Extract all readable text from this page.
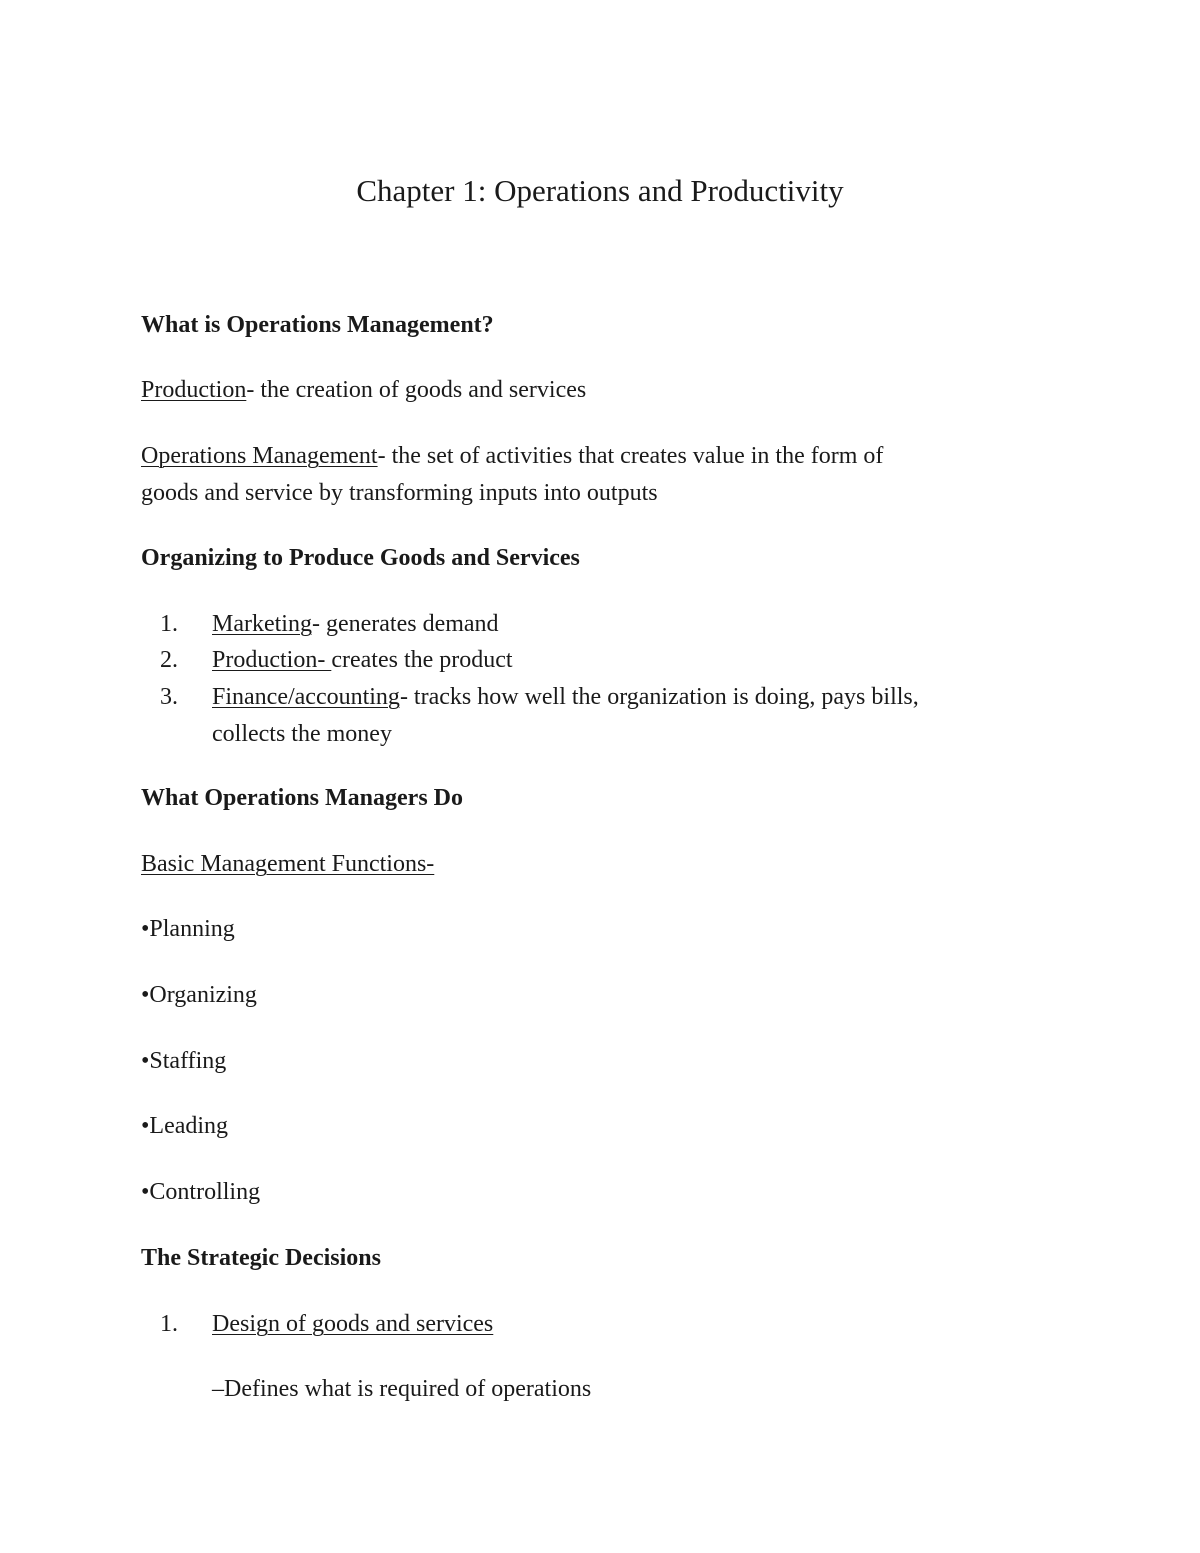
Chapter 1: Operations and Productivity
What is Operations Management?
Production- the creation of goods and services
Operations Management- the set of activities that creates value in the form of
goods and service by transforming inputs into outputs
Organizing to Produce Goods and Services
1. Marketing- generates demand
2. Production- creates the product
3. Finance/accounting- tracks how well the organization is doing, pays bills,
collects the money
What Operations Managers Do
Basic Management Functions-
•Planning
•Organizing
•Staffing
•Leading
•Controlling
The Strategic Decisions
1. Design of goods and services
–Defines what is required of operations
